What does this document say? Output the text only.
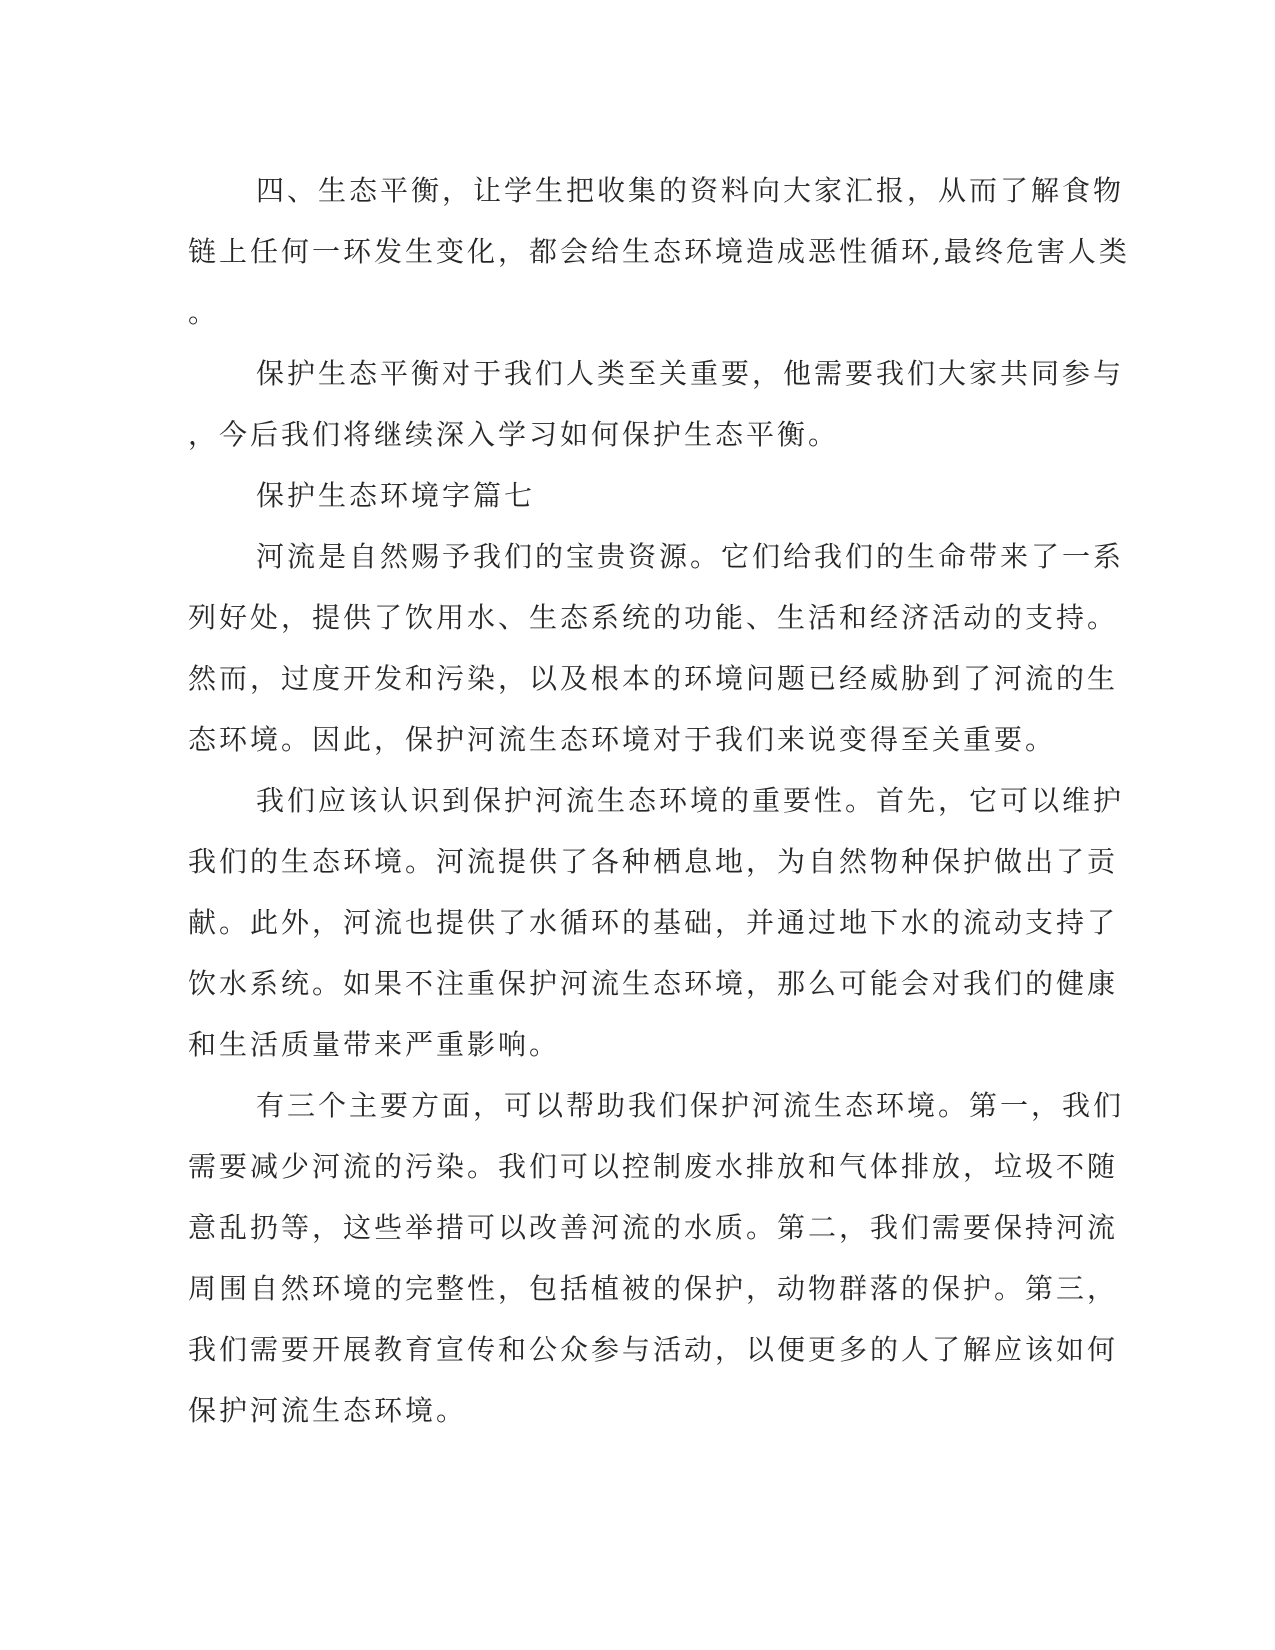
四、生态平衡，让学生把收集的资料向大家汇报，从而了解食物
链上任何一环发生变化，都会给生态环境造成恶性循环,最终危害人类
。
保护生态平衡对于我们人类至关重要，他需要我们大家共同参与
，今后我们将继续深入学习如何保护生态平衡。
保护生态环境字篇七
河流是自然赐予我们的宝贵资源。它们给我们的生命带来了一系
列好处，提供了饮用水、生态系统的功能、生活和经济活动的支持。
然而，过度开发和污染，以及根本的环境问题已经威胁到了河流的生
态环境。因此，保护河流生态环境对于我们来说变得至关重要。
我们应该认识到保护河流生态环境的重要性。首先，它可以维护
我们的生态环境。河流提供了各种栖息地，为自然物种保护做出了贡
献。此外，河流也提供了水循环的基础，并通过地下水的流动支持了
饮水系统。如果不注重保护河流生态环境，那么可能会对我们的健康
和生活质量带来严重影响。
有三个主要方面，可以帮助我们保护河流生态环境。第一，我们
需要减少河流的污染。我们可以控制废水排放和气体排放，垃圾不随
意乱扔等，这些举措可以改善河流的水质。第二，我们需要保持河流
周围自然环境的完整性，包括植被的保护，动物群落的保护。第三，
我们需要开展教育宣传和公众参与活动，以便更多的人了解应该如何
保护河流生态环境。
